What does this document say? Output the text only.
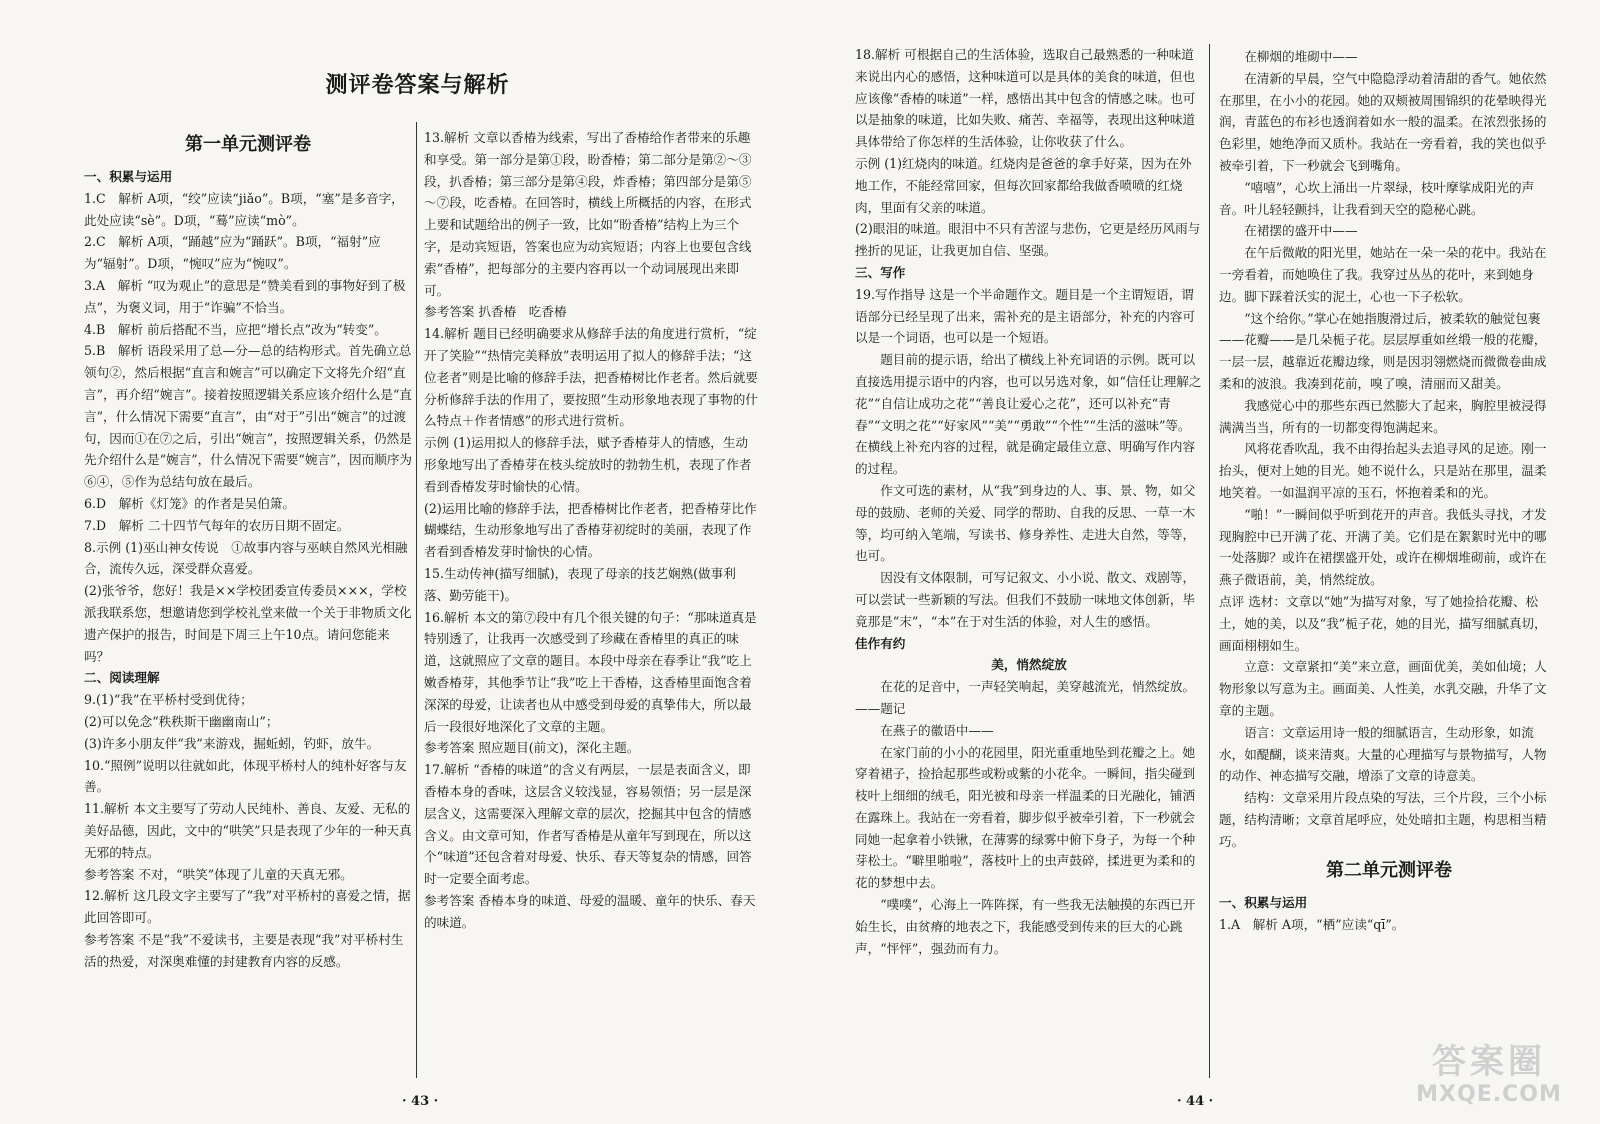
测评卷答案与解析

第一单元测评卷

一、积累与运用

1.C　解析 A项，“绞”应读“jiǎo”。B项，“塞”是多音字，此处应读“sè”。D项，“蓦”应读“mò”。

2.C　解析 A项，“踊越”应为“踊跃”。B项，“福射”应为“辐射”。D项，“惋叹”应为“惋叹”。

3.A　解析 “叹为观止”的意思是“赞美看到的事物好到了极点”，为褒义词，用于“诈骗”不恰当。

4.B　解析 前后搭配不当，应把“增长点”改为“转变”。

5.B　解析 语段采用了总—分—总的结构形式。首先确立总领句②，然后根据“直言和婉言”可以确定下文将先介绍“直言”，再介绍“婉言”。接着按照逻辑关系应该介绍什么是“直言”，什么情况下需要“直言”，由“对于”引出“婉言”的过渡句，因而①在⑦之后，引出“婉言”，按照逻辑关系，仍然是先介绍什么是“婉言”，什么情况下需要“婉言”，因而顺序为⑥④，⑤作为总结句放在最后。

6.D　解析《灯笼》的作者是吴伯箫。

7.D　解析 二十四节气每年的农历日期不固定。

8.示例 (1)巫山神女传说　①故事内容与巫峡自然风光相融合，流传久远，深受群众喜爱。

(2)张爷爷，您好！我是××学校团委宣传委员×××，学校派我联系您，想邀请您到学校礼堂来做一个关于非物质文化遗产保护的报告，时间是下周三上午10点。请问您能来吗？

二、阅读理解

9.(1)“我”在平桥村受到优待；

(2)可以免念“秩秩斯干幽幽南山”；

(3)许多小朋友伴“我”来游戏，掘蚯蚓，钓虾，放牛。

10.“照例”说明以往就如此，体现平桥村人的纯朴好客与友善。

11.解析 本文主要写了劳动人民纯朴、善良、友爱、无私的美好品德，因此，文中的“哄笑”只是表现了少年的一种天真无邪的特点。

参考答案 不对，“哄笑”体现了儿童的天真无邪。

12.解析 这几段文字主要写了“我”对平桥村的喜爱之情，据此回答即可。

参考答案 不是“我”不爱读书，主要是表现“我”对平桥村生活的热爱，对深奥难懂的封建教育内容的反感。

13.解析 文章以香椿为线索，写出了香椿给作者带来的乐趣和享受。第一部分是第①段，盼香椿；第二部分是第②～③段，扒香椿；第三部分是第④段，炸香椿；第四部分是第⑤～⑦段，吃香椿。在回答时，横线上所概括的内容，在形式上要和试题给出的例子一致，比如“盼香椿”结构上为三个字，是动宾短语，答案也应为动宾短语；内容上也要包含线索“香椿”，把每部分的主要内容再以一个动词展现出来即可。

参考答案 扒香椿　吃香椿

14.解析 题目已经明确要求从修辞手法的角度进行赏析，“绽开了笑脸”“热情完美释放”表明运用了拟人的修辞手法；“这位老者”则是比喻的修辞手法，把香椿树比作老者。然后就要分析修辞手法的作用了，要按照“生动形象地表现了事物的什么特点＋作者情感”的形式进行赏析。

示例 (1)运用拟人的修辞手法，赋予香椿芽人的情感，生动形象地写出了香椿芽在枝头绽放时的勃勃生机，表现了作者看到香椿发芽时愉快的心情。

(2)运用比喻的修辞手法，把香椿树比作老者，把香椿芽比作蝴蝶结，生动形象地写出了香椿芽初绽时的美丽，表现了作者看到香椿发芽时愉快的心情。

15.生动传神(描写细腻)，表现了母亲的技艺娴熟(做事利落、勤劳能干)。

16.解析 本文的第⑦段中有几个很关键的句子：“那味道真是特别透了，让我再一次感受到了珍藏在香椿里的真正的味道，这就照应了文章的题目。本段中母亲在春季让“我”吃上嫩香椿芽，其他季节让“我”吃上干香椿，这香椿里面饱含着深深的母爱，让读者也从中感受到母爱的真挚伟大，所以最后一段很好地深化了文章的主题。

参考答案 照应题目(前文)，深化主题。

17.解析 “香椿的味道”的含义有两层，一层是表面含义，即香椿本身的香味，这层含义较浅显，容易领悟；另一层是深层含义，这需要深入理解文章的层次，挖掘其中包含的情感含义。由文章可知，作者写香椿是从童年写到现在，所以这个“味道”还包含着对母爱、快乐、春天等复杂的情感，回答时一定要全面考虑。

参考答案 香椿本身的味道、母爱的温暖、童年的快乐、春天的味道。

· 43 ·

18.解析 可根据自己的生活体验，选取自己最熟悉的一种味道来说出内心的感悟，这种味道可以是具体的美食的味道，但也应该像“香椿的味道”一样，感悟出其中包含的情感之味。也可以是抽象的味道，比如失败、痛苦、幸福等，表现出这种味道具体带给了你怎样的生活体验，让你收获了什么。

示例 (1)红烧肉的味道。红烧肉是爸爸的拿手好菜，因为在外地工作，不能经常回家，但每次回家都给我做香喷喷的红烧肉，里面有父亲的味道。

(2)眼泪的味道。眼泪中不只有苦涩与悲伤，它更是经历风雨与挫折的见证，让我更加自信、坚强。

三、写作

19.写作指导 这是一个半命题作文。题目是一个主谓短语，谓语部分已经呈现了出来，需补充的是主语部分，补充的内容可以是一个词语，也可以是一个短语。

题目前的提示语，给出了横线上补充词语的示例。既可以直接选用提示语中的内容，也可以另选对象，如“信任让理解之花”“自信让成功之花”“善良让爱心之花”，还可以补充“青春”“文明之花”“好家风”“美”“勇敢”“个性”“生活的滋味”等。在横线上补充内容的过程，就是确定最佳立意、明确写作内容的过程。

作文可选的素材，从“我”到身边的人、事、景、物，如父母的鼓励、老师的关爱、同学的帮助、自我的反思、一草一木等，均可纳入笔端，写读书、修身养性、走进大自然，等等，也可。

因没有文体限制，可写记叙文、小小说、散文、戏剧等，可以尝试一些新颖的写法。但我们不鼓励一味地文体创新，毕竟那是“末”，“本”在于对生活的体验，对人生的感悟。

佳作有约

美，悄然绽放

在花的足音中，一声轻笑响起，美穿越流光，悄然绽放。——题记

在燕子的徽语中——

在家门前的小小的花园里，阳光重重地坠到花瓣之上。她穿着裙子，捡拾起那些或粉或紫的小花伞。一瞬间，指尖碰到枝叶上细细的绒毛，阳光被和母亲一样温柔的日光融化，铺洒在露珠上。我站在一旁看着，脚步似乎被牵引着，下一秒就会同她一起拿着小铁锹，在薄雾的绿雾中俯下身子，为每一个种芽松土。“噼里啪啦”，落枝叶上的虫声鼓碎，揉进更为柔和的花的梦想中去。

“噗噗”，心海上一阵阵探，有一些我无法触摸的东西已开始生长，由贫瘠的地表之下，我能感受到传来的巨大的心跳声，“怦怦”，强劲而有力。

在柳烟的堆砌中——

在清新的早晨，空气中隐隐浮动着清甜的香气。她依然在那里，在小小的花园。她的双颊被周围锦织的花晕映得光润，青蓝色的布衫也透润着如水一般的温柔。在浓烈张扬的色彩里，她绝净而又质朴。我站在一旁看着，我的笑也似乎被牵引着，下一秒就会飞到嘴角。

“嘻嘻”，心坎上涌出一片翠绿，枝叶摩挲成阳光的声音。叶儿轻轻颤抖，让我看到天空的隐秘心跳。

在裙摆的盛开中——

在午后微敞的阳光里，她站在一朵一朵的花中。我站在一旁看着，而她唤住了我。我穿过丛丛的花叶，来到她身边。脚下踩着沃实的泥土，心也一下子松软。

“这个给你。”掌心在她指腹滑过后，被柔软的触觉包裹——花瓣——是几朵栀子花。层层厚重如丝缎一般的花瓣，一层一层，越靠近花瓣边缘，则是因羽翎燃烧而微微卷曲成柔和的波浪。我凑到花前，嗅了嗅，清丽而又甜美。

我感觉心中的那些东西已然膨大了起来，胸腔里被浸得满满当当，所有的一切都变得饱满起来。

风将花香吹乱，我不由得抬起头去追寻风的足迹。刚一抬头，便对上她的目光。她不说什么，只是站在那里，温柔地笑着。一如温润平凉的玉石，怀抱着柔和的光。

“啪！”一瞬间似乎听到花开的声音。我低头寻找，才发现胸腔中已开满了花、开满了美。它们是在絮絮时光中的哪一处落脚？或许在裙摆盛开处，或许在柳烟堆砌前，或许在燕子微语前，美，悄然绽放。

点评 选材：文章以“她”为描写对象，写了她捡拾花瓣、松土，她的美，以及“我”栀子花，她的目光，描写细腻真切，画面栩栩如生。

立意：文章紧扣“美”来立意，画面优美，美如仙境；人物形象以写意为主。画面美、人性美，水乳交融，升华了文章的主题。

语言：文章运用诗一般的细腻语言，生动形象，如流水，如醍醐，谈来清爽。大量的心理描写与景物描写，人物的动作、神态描写交融，增添了文章的诗意美。

结构：文章采用片段点染的写法，三个片段，三个小标题，结构清晰；文章首尾呼应，处处暗扣主题，构思相当精巧。

第二单元测评卷

一、积累与运用

1.A　解析 A项，“栖”应读“qī”。

· 44 ·
答案圈
MXQE.COM
